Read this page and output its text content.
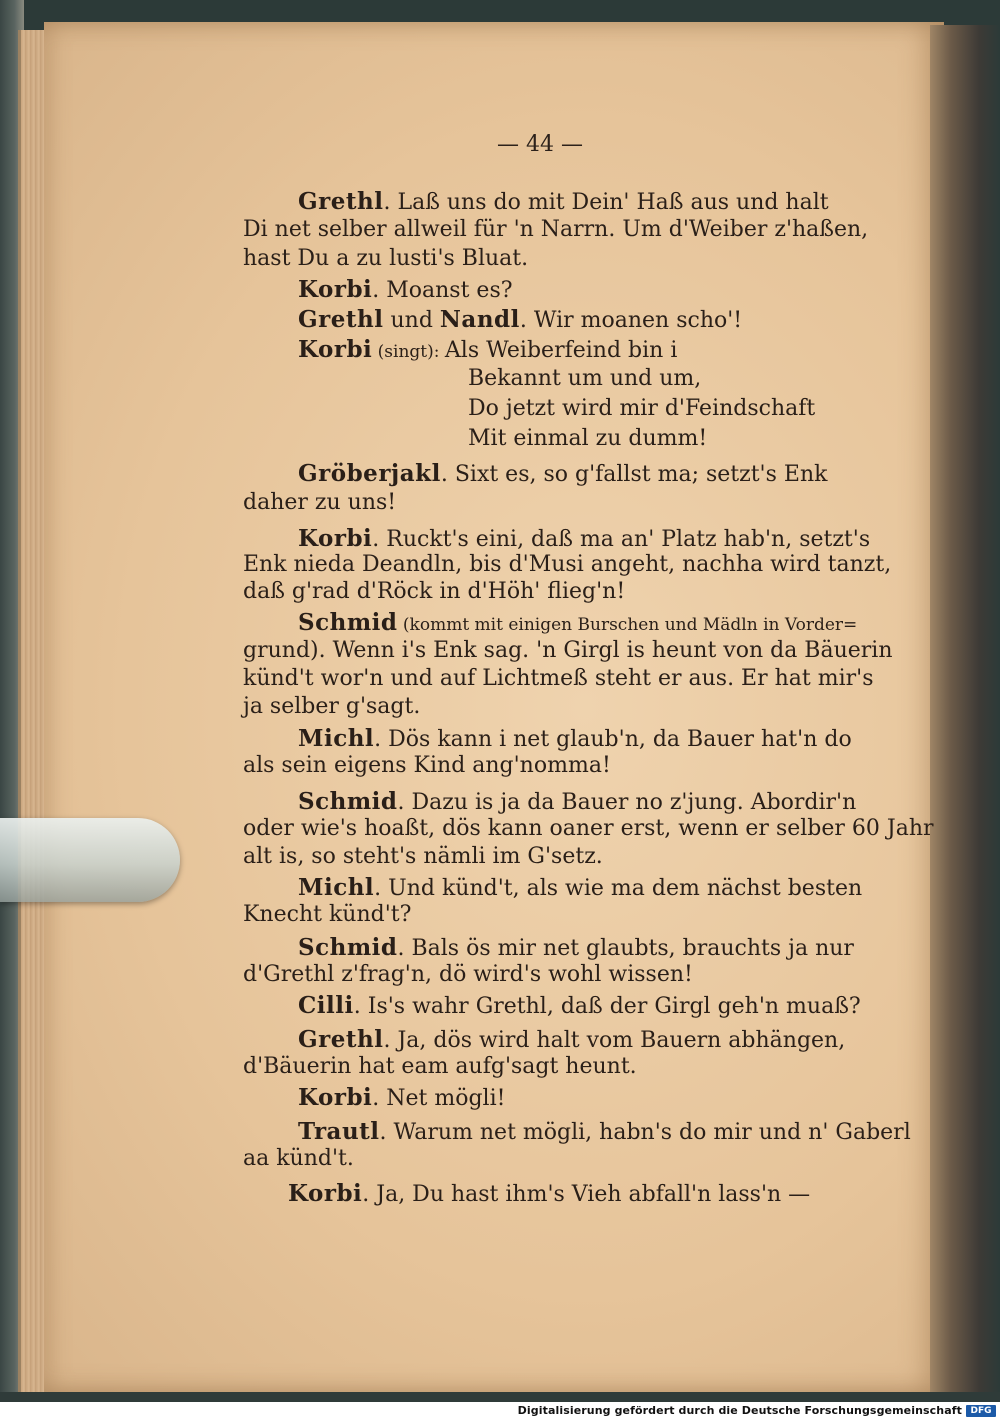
— 44 —
Grethl. Laß uns do mit Dein' Haß aus und halt
Di net selber allweil für 'n Narrn. Um d'Weiber z'haßen,
hast Du a zu lusti's Bluat.
Korbi. Moanst es?
Grethl und Nandl. Wir moanen scho'!
Korbi (singt): Als Weiberfeind bin i
Bekannt um und um,
Do jetzt wird mir d'Feindschaft
Mit einmal zu dumm!
Gröberjakl. Sixt es, so g'fallst ma; setzt's Enk
daher zu uns!
Korbi. Ruckt's eini, daß ma an' Platz hab'n, setzt's
Enk nieda Deandln, bis d'Musi angeht, nachha wird tanzt,
daß g'rad d'Röck in d'Höh' flieg'n!
Schmid (kommt mit einigen Burschen und Mädln in Vorder=
grund). Wenn i's Enk sag. 'n Girgl is heunt von da Bäuerin
künd't wor'n und auf Lichtmeß steht er aus. Er hat mir's
ja selber g'sagt.
Michl. Dös kann i net glaub'n, da Bauer hat'n do
als sein eigens Kind ang'nomma!
Schmid. Dazu is ja da Bauer no z'jung. Abordir'n
oder wie's hoaßt, dös kann oaner erst, wenn er selber 60 Jahr
alt is, so steht's nämli im G'setz.
Michl. Und künd't, als wie ma dem nächst besten
Knecht künd't?
Schmid. Bals ös mir net glaubts, brauchts ja nur
d'Grethl z'frag'n, dö wird's wohl wissen!
Cilli. Is's wahr Grethl, daß der Girgl geh'n muaß?
Grethl. Ja, dös wird halt vom Bauern abhängen,
d'Bäuerin hat eam aufg'sagt heunt.
Korbi. Net mögli!
Trautl. Warum net mögli, habn's do mir und n' Gaberl
aa künd't.
Korbi. Ja, Du hast ihm's Vieh abfall'n lass'n —
Digitalisierung gefördert durch die Deutsche Forschungsgemeinschaft DFG
